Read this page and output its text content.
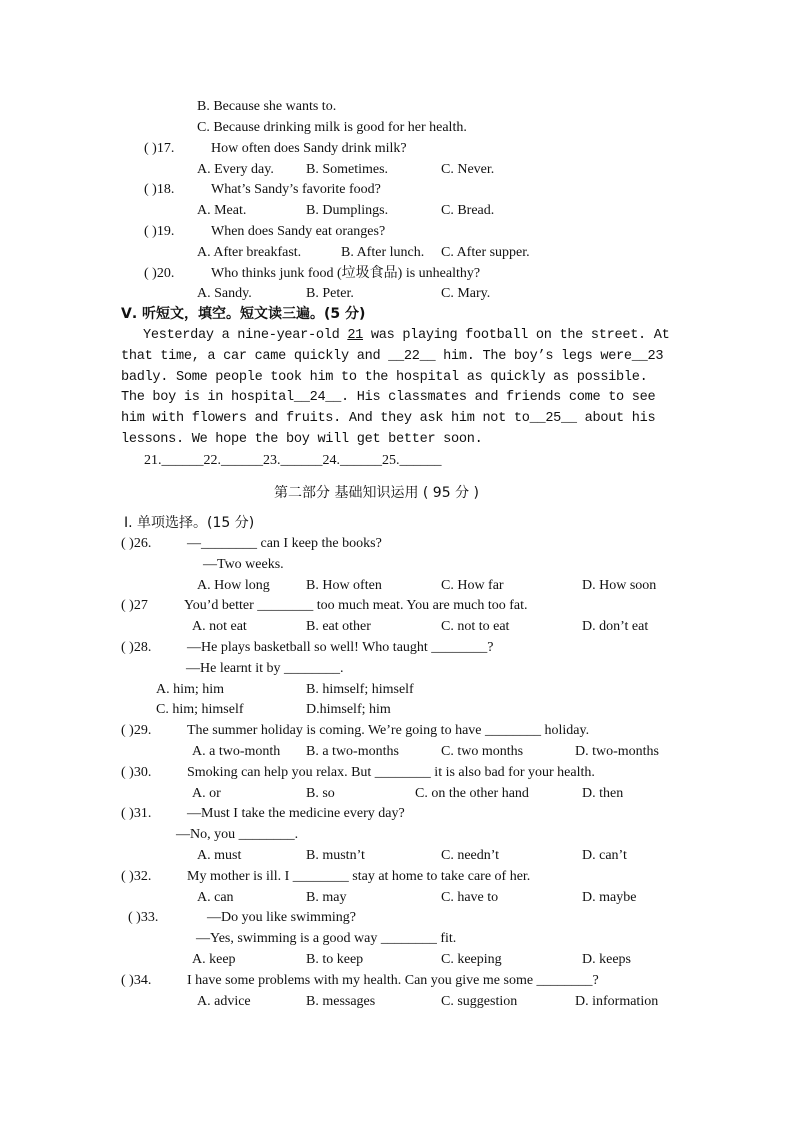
B. Because she wants to.
C. Because drinking milk is good for her health.
( )17.	How often does Sandy drink milk?
A. Every day. B. Sometimes.	C. Never.
( )18.	What’s Sandy’s favorite food?
A. Meat.	B. Dumplings.	C. Bread.
( )19.	When does Sandy eat oranges?
A. After breakfast.	B. After lunch. C. After supper.
( )20.	Who thinks junk food (垃圾食品) is unhealthy?
A. Sandy.	B. Peter.	C. Mary.
Ⅴ. 听短文，填空。短文读三遍。(5 分)
Yesterday a nine-year-old 21 was playing football on the street. At
that time, a car came quickly and __22__ him. The boy’s legs were__23
badly. Some people took him to the hospital as quickly as possible.
The boy is in hospital__24__. His classmates and friends come to see
him with flowers and fruits. And they ask him not to__25__ about his
lessons. We hope the boy will get better soon.
21.______22.______23.______24.______25.______
第二部分 基础知识运用 ( 95 分 )
Ⅰ. 单项选择。(15 分)
( )26.	—________ can I keep the books?
—Two weeks.
A. How long	B. How often	C. How far	D. How soon
( )27	You’d better ________ too much meat. You are much too fat.
A. not eat	B. eat other	C. not to eat	D. don’t eat
( )28.	—He plays basketball so well! Who taught ________?
—He learnt it by ________.
A. him; him	B. himself; himself
C. him; himself	D.himself; him
( )29.	The summer holiday is coming. We’re going to have ________ holiday.
A. a two-month B. a two-months	C. two months	D. two-months
( )30.	Smoking can help you relax. But ________ it is also bad for your health.
A. or	B. so	C. on the other hand	D. then
( )31.	—Must I take the medicine every day?
—No, you ________.
A. must	B. mustn’t	C. needn’t	D. can’t
( )32.	My mother is ill. I ________ stay at home to take care of her.
A. can	B. may	C. have to	D. maybe
( )33.	—Do you like swimming?
—Yes, swimming is a good way ________ fit.
A. keep	B. to keep	C. keeping	D. keeps
( )34.	I have some problems with my health. Can you give me some ________?
A. advice	B. messages	C. suggestion	D. information
